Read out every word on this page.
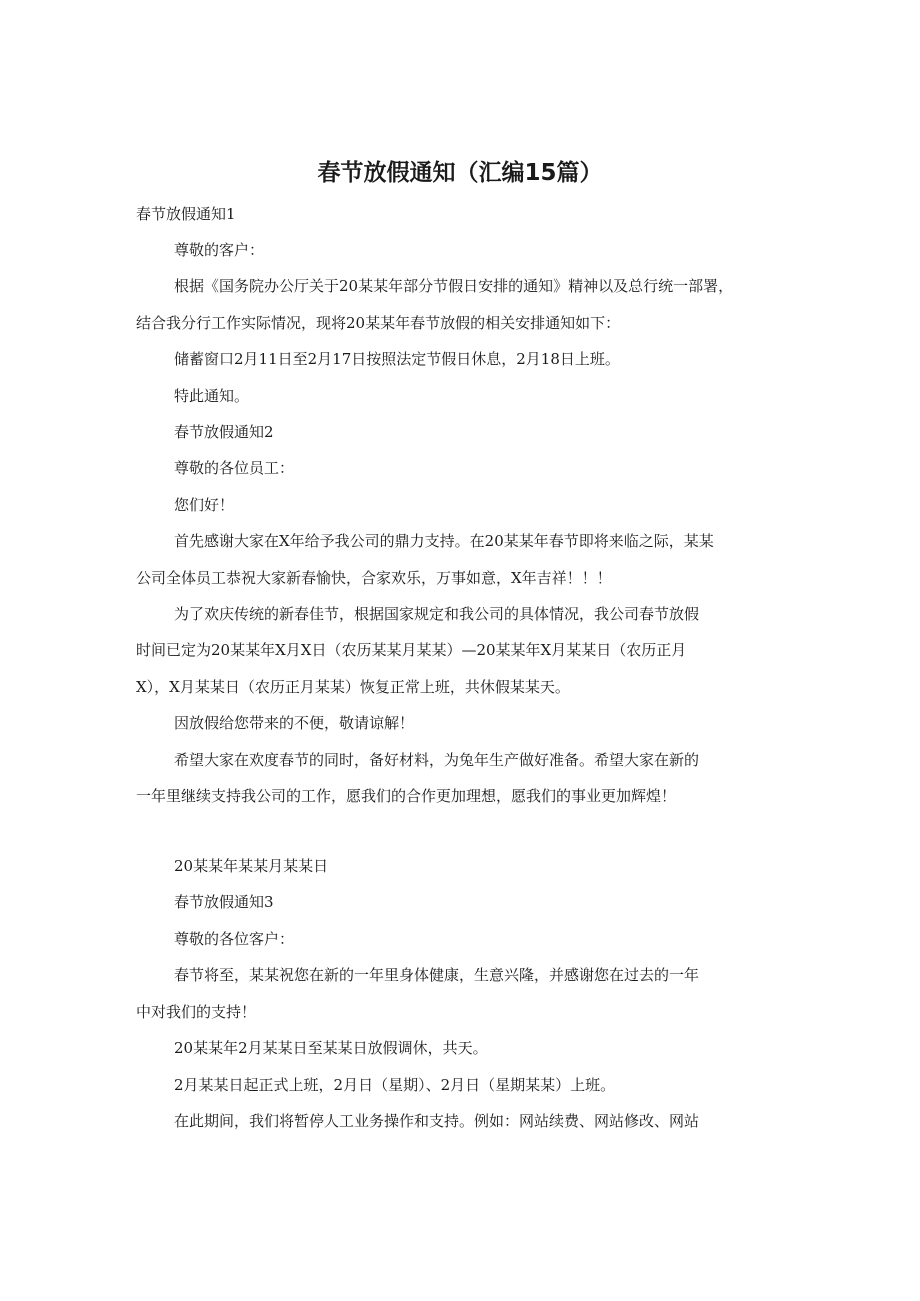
春节放假通知（汇编15篇）

春节放假通知1

尊敬的客户：

根据《国务院办公厅关于20某某年部分节假日安排的通知》精神以及总行统一部署，

结合我分行工作实际情况，现将20某某年春节放假的相关安排通知如下：

储蓄窗口2月11日至2月17日按照法定节假日休息，2月18日上班。

特此通知。

春节放假通知2

尊敬的各位员工：

您们好！

首先感谢大家在X年给予我公司的鼎力支持。在20某某年春节即将来临之际，某某

公司全体员工恭祝大家新春愉快，合家欢乐，万事如意，X年吉祥！！！

为了欢庆传统的新春佳节，根据国家规定和我公司的具体情况，我公司春节放假

时间已定为20某某年X月X日（农历某某月某某）—20某某年X月某某日（农历正月

X），X月某某日（农历正月某某）恢复正常上班，共休假某某天。

因放假给您带来的不便，敬请谅解！

希望大家在欢度春节的同时，备好材料，为兔年生产做好准备。希望大家在新的

一年里继续支持我公司的工作，愿我们的合作更加理想，愿我们的事业更加辉煌！

20某某年某某月某某日

春节放假通知3

尊敬的各位客户：

春节将至，某某祝您在新的一年里身体健康，生意兴隆，并感谢您在过去的一年

中对我们的支持！

20某某年2月某某日至某某日放假调休，共天。

2月某某日起正式上班，2月日（星期）、2月日（星期某某）上班。

在此期间，我们将暂停人工业务操作和支持。例如：网站续费、网站修改、网站
